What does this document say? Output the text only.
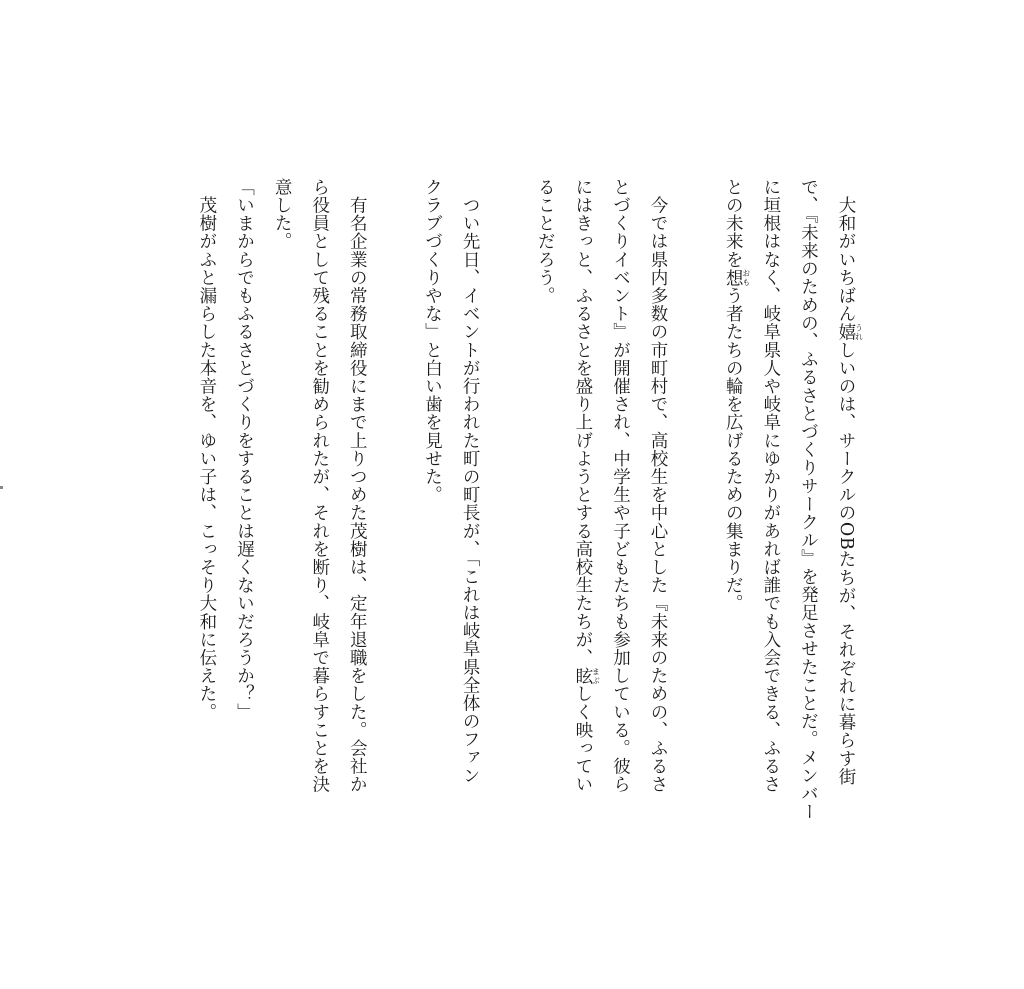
　大和がいちばん嬉うれしいのは、サークルのOBたちが、それぞれに暮らす街

で、『未来のための、ふるさとづくりサークル』を発足させたことだ。メンバー

に垣根はなく、岐阜県人や岐阜にゆかりがあれば誰でも入会できる、ふるさ

との未来を想おもう者たちの輪を広げるための集まりだ。

　今では県内多数の市町村で、高校生を中心とした『未来のための、ふるさ

とづくりイベント』が開催され、中学生や子どもたちも参加している。彼ら

にはきっと、ふるさとを盛り上げようとする高校生たちが、眩まぶしく映ってい

ることだろう。

　つい先日、イベントが行われた町の町長が、「これは岐阜県全体のファン

クラブづくりやな」と白い歯を見せた。

　有名企業の常務取締役にまで上りつめた茂樹は、定年退職をした。会社か

ら役員として残ることを勧められたが、それを断り、岐阜で暮らすことを決

意した。

「いまからでもふるさとづくりをすることは遅くないだろうか？」

　茂樹がふと漏らした本音を、ゆい子は、こっそり大和に伝えた。
